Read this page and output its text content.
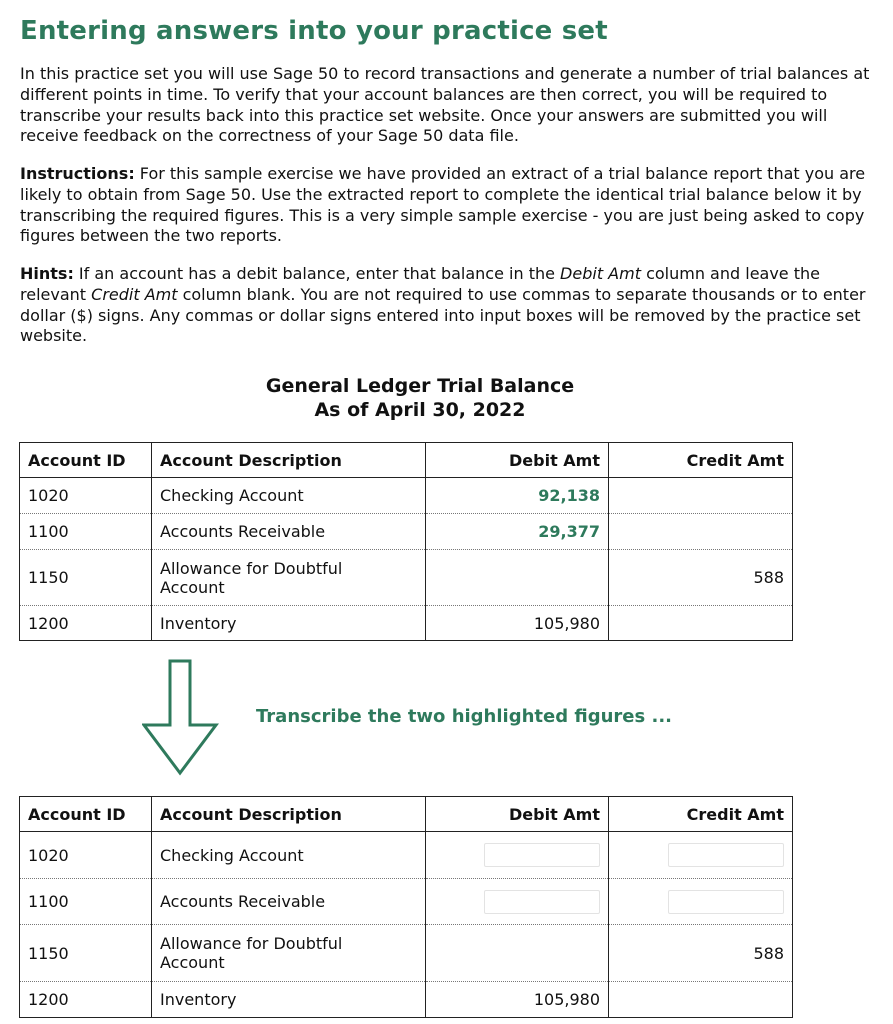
Entering answers into your practice set
In this practice set you will use Sage 50 to record transactions and generate a number of trial balances at different points in time. To verify that your account balances are then correct, you will be required to transcribe your results back into this practice set website. Once your answers are submitted you will receive feedback on the correctness of your Sage 50 data file.
Instructions: For this sample exercise we have provided an extract of a trial balance report that you are likely to obtain from Sage 50. Use the extracted report to complete the identical trial balance below it by transcribing the required figures. This is a very simple sample exercise - you are just being asked to copy figures between the two reports.
Hints: If an account has a debit balance, enter that balance in the Debit Amt column and leave the relevant Credit Amt column blank. You are not required to use commas to separate thousands or to enter dollar ($) signs. Any commas or dollar signs entered into input boxes will be removed by the practice set website.
General Ledger Trial Balance
As of April 30, 2022
Account ID	Account Description	Debit Amt	Credit Amt
1020	Checking Account	92,138	
1100	Accounts Receivable	29,377	
1150	Allowance for Doubtful
Account		588
1200	Inventory	105,980	
Transcribe the two highlighted figures ...
Account ID	Account Description	Debit Amt	Credit Amt
1020	Checking Account	

1100	Accounts Receivable	

1150	Allowance for Doubtful
Account		588
1200	Inventory	105,980	
